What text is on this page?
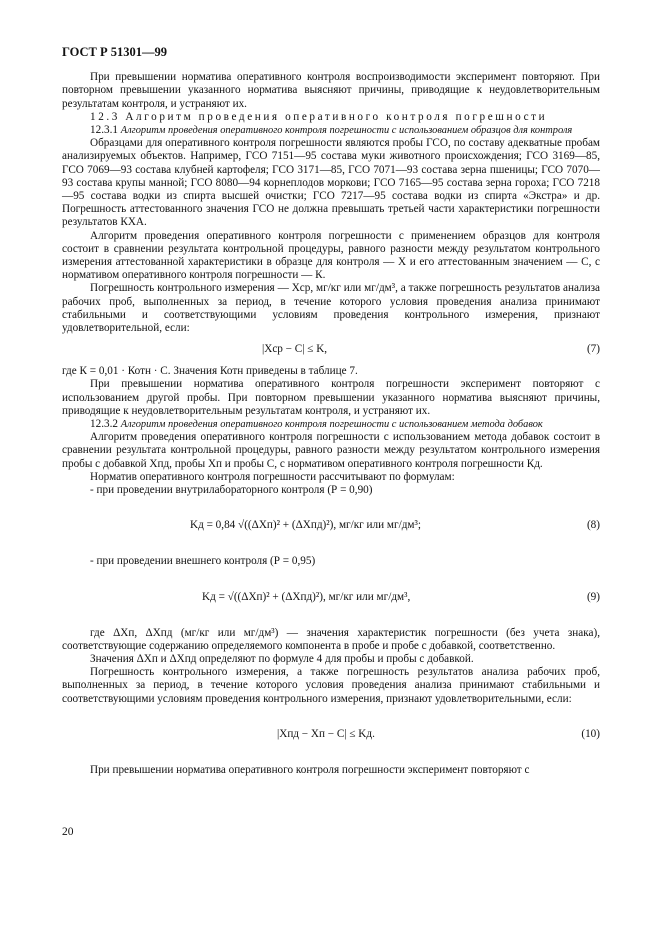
ГОСТ Р 51301—99

При превышении норматива оперативного контроля воспроизводимости эксперимент повторяют. При повторном превышении указанного норматива выясняют причины, приводящие к неудовлетворительным результатам контроля, и устраняют их.

12.3 Алгоритм проведения оперативного контроля погрешности

12.3.1 Алгоритм проведения оперативного контроля погрешности с использованием образцов для контроля

Образцами для оперативного контроля погрешности являются пробы ГСО, по составу адекватные пробам анализируемых объектов. Например, ГСО 7151—95 состава муки животного происхождения; ГСО 3169—85, ГСО 7069—93 состава клубней картофеля; ГСО 3171—85, ГСО 7071—93 состава зерна пшеницы; ГСО 7070—93 состава крупы манной; ГСО 8080—94 корнеплодов моркови; ГСО 7165—95 состава зерна гороха; ГСО 7218—95 состава водки из спирта высшей очистки; ГСО 7217—95 состава водки из спирта «Экстра» и др. Погрешность аттестованного значения ГСО не должна превышать третьей части характеристики погрешности результатов КХА.

Алгоритм проведения оперативного контроля погрешности с применением образцов для контроля состоит в сравнении результата контрольной процедуры, равного разности между результатом контрольного измерения аттестованной характеристики в образце для контроля — X и его аттестованным значением — С, с нормативом оперативного контроля погрешности — К.

Погрешность контрольного измерения — Xср, мг/кг или мг/дм³, а также погрешность результатов анализа рабочих проб, выполненных за период, в течение которого условия проведения анализа принимают стабильными и соответствующими условиям проведения контрольного измерения, признают удовлетворительной, если:

|Xср − C| ≤ K,	(7)

где К = 0,01 · Котн · С. Значения Котн приведены в таблице 7.

При превышении норматива оперативного контроля погрешности эксперимент повторяют с использованием другой пробы. При повторном превышении указанного норматива выясняют причины, приводящие к неудовлетворительным результатам контроля, и устраняют их.

12.3.2 Алгоритм проведения оперативного контроля погрешности с использованием метода добавок

Алгоритм проведения оперативного контроля погрешности с использованием метода добавок состоит в сравнении результата контрольной процедуры, равного разности между результатом контрольного измерения пробы с добавкой Xпд, пробы Xп и пробы С, с нормативом оперативного контроля погрешности Кд.

Норматив оперативного контроля погрешности рассчитывают по формулам:

- при проведении внутрилабораторного контроля (Р = 0,90)

Kд = 0,84 √((ΔXп)² + (ΔXпд)²), мг/кг или мг/дм³;	(8)

- при проведении внешнего контроля (Р = 0,95)

Kд = √((ΔXп)² + (ΔXпд)²), мг/кг или мг/дм³,	(9)

где ΔXп, ΔXпд (мг/кг или мг/дм³) — значения характеристик погрешности (без учета знака), соответствующие содержанию определяемого компонента в пробе и пробе с добавкой, соответственно.

Значения ΔXп и ΔXпд определяют по формуле 4 для пробы и пробы с добавкой.

Погрешность контрольного измерения, а также погрешность результатов анализа рабочих проб, выполненных за период, в течение которого условия проведения анализа принимают стабильными и соответствующими условиям проведения контрольного измерения, признают удовлетворительными, если:

|Xпд − Xп − C| ≤ Kд.	(10)

При превышении норматива оперативного контроля погрешности эксперимент повторяют с

20
